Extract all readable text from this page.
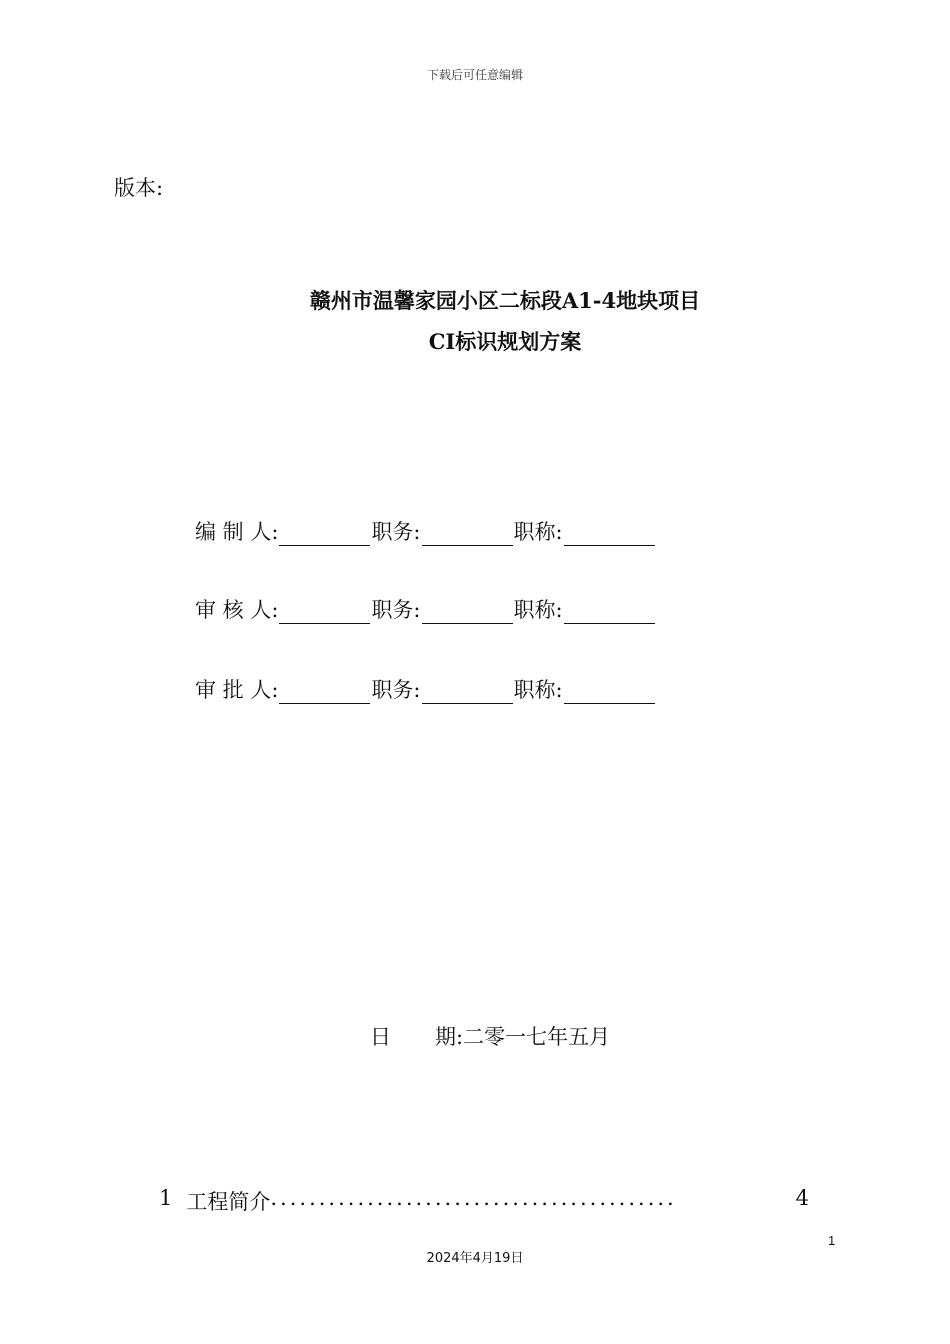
下载后可任意编辑
版本:
赣州市温馨家园小区二标段A1-4地块项目
CI标识规划方案
编 制 人:	职务:	职称:
审 核 人:	职务:	职称:
审 批 人:	职务:	职称:
日 期:二零一七年五月
1 工程简介 ..........................................	4
1
2024年4月19日
